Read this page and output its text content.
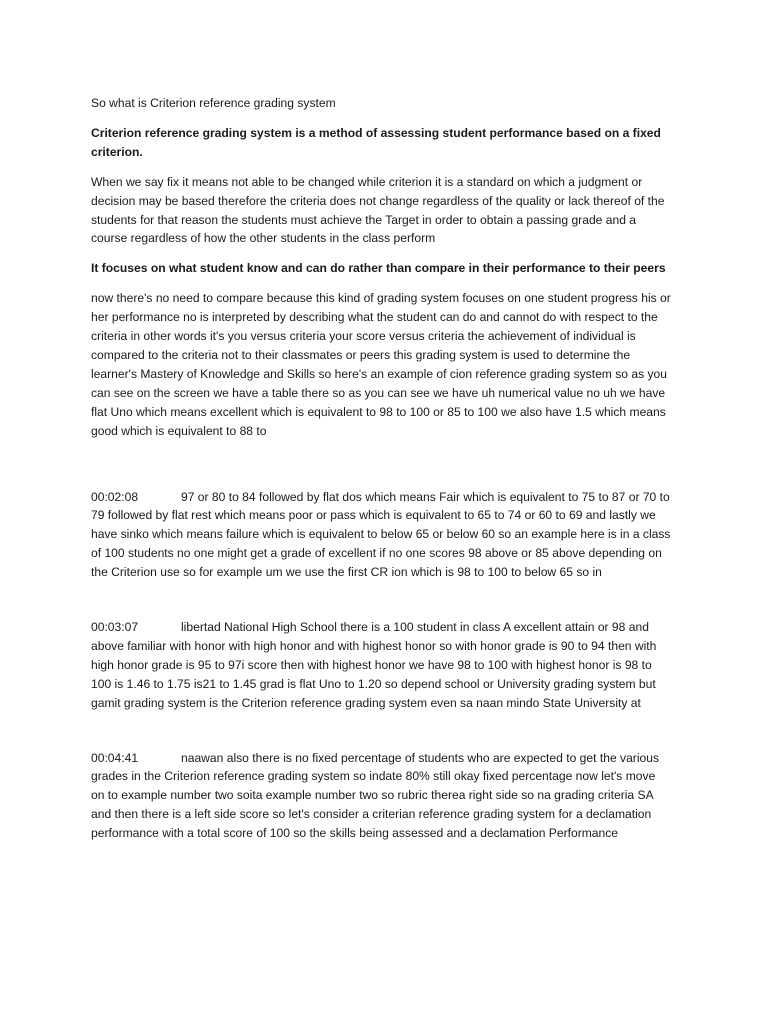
So what is Criterion reference grading system

Criterion reference grading system is a method of assessing student performance based on a fixed criterion.

When we say fix it means not able to be changed while criterion it is a standard on which a judgment or decision may be based therefore the criteria does not change regardless of the quality or lack thereof of the students for that reason the students must achieve the Target in order to obtain a passing grade and a course regardless of how the other students in the class perform

It focuses on what student know and can do rather than compare in their performance to their peers

now there's no need to compare because this kind of grading system focuses on one student progress his or her performance no is interpreted by describing what the student can do and cannot do with respect to the criteria in other words it's you versus criteria your score versus criteria the achievement of individual is compared to the criteria not to their classmates or peers this grading system is used to determine the learner's Mastery of Knowledge and Skills so here's an example of cion reference grading system so as you can see on the screen we have a table there so as you can see we have uh numerical value no uh we have flat Uno which means excellent which is equivalent to 98 to 100 or 85 to 100 we also have 1.5 which means good which is equivalent to 88 to

00:02:08	97 or 80 to 84 followed by flat dos which means Fair which is equivalent to 75 to 87 or 70 to 79 followed by flat rest which means poor or pass which is equivalent to 65 to 74 or 60 to 69 and lastly we have sinko which means failure which is equivalent to below 65 or below 60 so an example here is in a class of 100 students no one might get a grade of excellent if no one scores 98 above or 85 above depending on the Criterion use so for example um we use the first CR ion which is 98 to 100 to below 65 so in

00:03:07	libertad National High School there is a 100 student in class A excellent attain or 98 and above familiar with honor with high honor and with highest honor so with honor grade is 90 to 94 then with high honor grade is 95 to 97i score then with highest honor we have 98 to 100 with highest honor is 98 to 100 is 1.46 to 1.75 is21 to 1.45 grad is flat Uno to 1.20 so depend school or University grading system but gamit grading system is the Criterion reference grading system even sa naan mindo State University at

00:04:41	naawan also there is no fixed percentage of students who are expected to get the various grades in the Criterion reference grading system so indate 80% still okay fixed percentage now let's move on to example number two soita example number two so rubric therea right side so na grading criteria SA and then there is a left side score so let's consider a criterian reference grading system for a declamation performance with a total score of 100 so the skills being assessed and a declamation Performance
